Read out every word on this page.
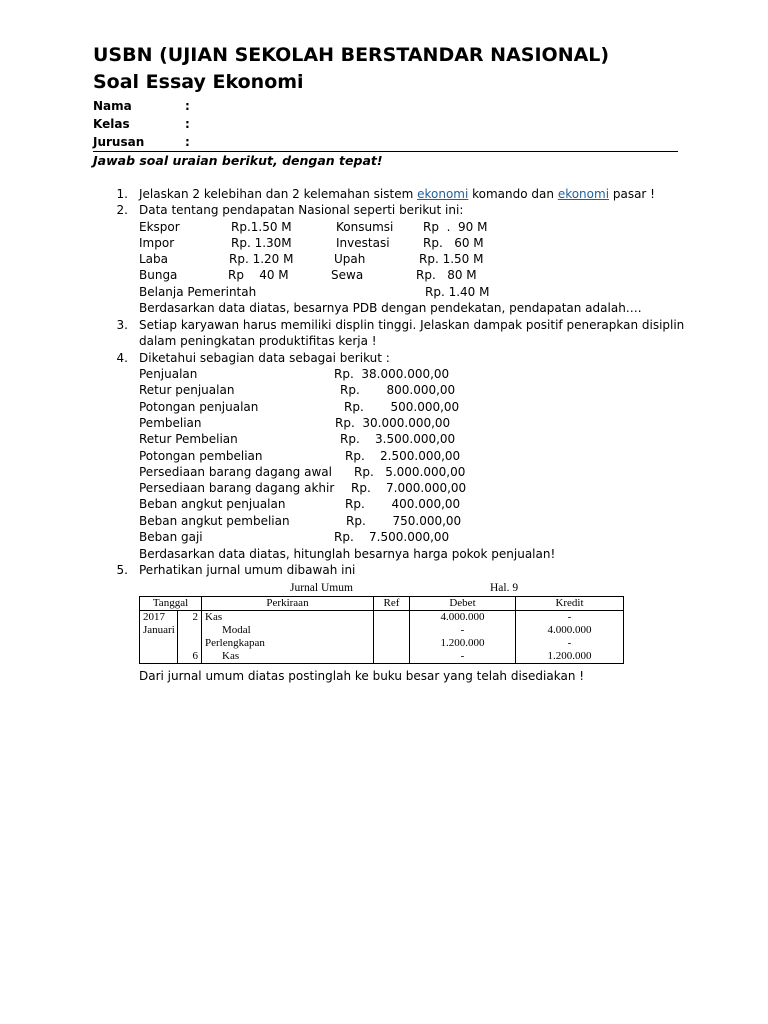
USBN (UJIAN SEKOLAH BERSTANDAR NASIONAL)
Soal Essay Ekonomi
Nama	:
Kelas	:
Jurusan	:
Jawab soal uraian berikut, dengan tepat!
1. Jelaskan 2 kelebihan dan 2 kelemahan sistem ekonomi komando dan ekonomi pasar !
2. Data tentang pendapatan Nasional seperti berikut ini:
Ekspor	Rp.1.50 M	Konsumsi Rp  .  90 M
Impor	Rp. 1.30M	Investasi	Rp.   60 M
Laba	Rp. 1.20 M	Upah	Rp. 1.50 M
Bunga	Rp    40 M	Sewa	Rp.   80 M
Belanja Pemerintah	Rp. 1.40 M
Berdasarkan data diatas, besarnya PDB dengan pendekatan, pendapatan adalah….
3. Setiap karyawan harus memiliki displin tinggi. Jelaskan dampak positif penerapkan disiplin
dalam peningkatan produktifitas kerja !
4. Diketahui sebagian data sebagai berikut :
Penjualan	Rp.  38.000.000,00
Retur penjualan	Rp.       800.000,00
Potongan penjualan	Rp.       500.000,00
Pembelian	Rp.  30.000.000,00
Retur Pembelian	Rp.    3.500.000,00
Potongan pembelian	Rp.    2.500.000,00
Persediaan barang dagang awal Rp.   5.000.000,00
Persediaan barang dagang akhir Rp.    7.000.000,00
Beban angkut penjualan	Rp.       400.000,00
Beban angkut pembelian	Rp.       750.000,00
Beban gaji	Rp.    7.500.000,00
Berdasarkan data diatas, hitunglah besarnya harga pokok penjualan!
5. Perhatikan jurnal umum dibawah ini
Jurnal Umum	Hal. 9
Tanggal		Perkiraan	Ref	Debet	Kredit
2017	2	Kas		4.000.000	-
Januari		Modal		-	4.000.000
		Perlengkapan		1.200.000	-
	6	Kas		-	1.200.000
Dari jurnal umum diatas postinglah ke buku besar yang telah disediakan !
